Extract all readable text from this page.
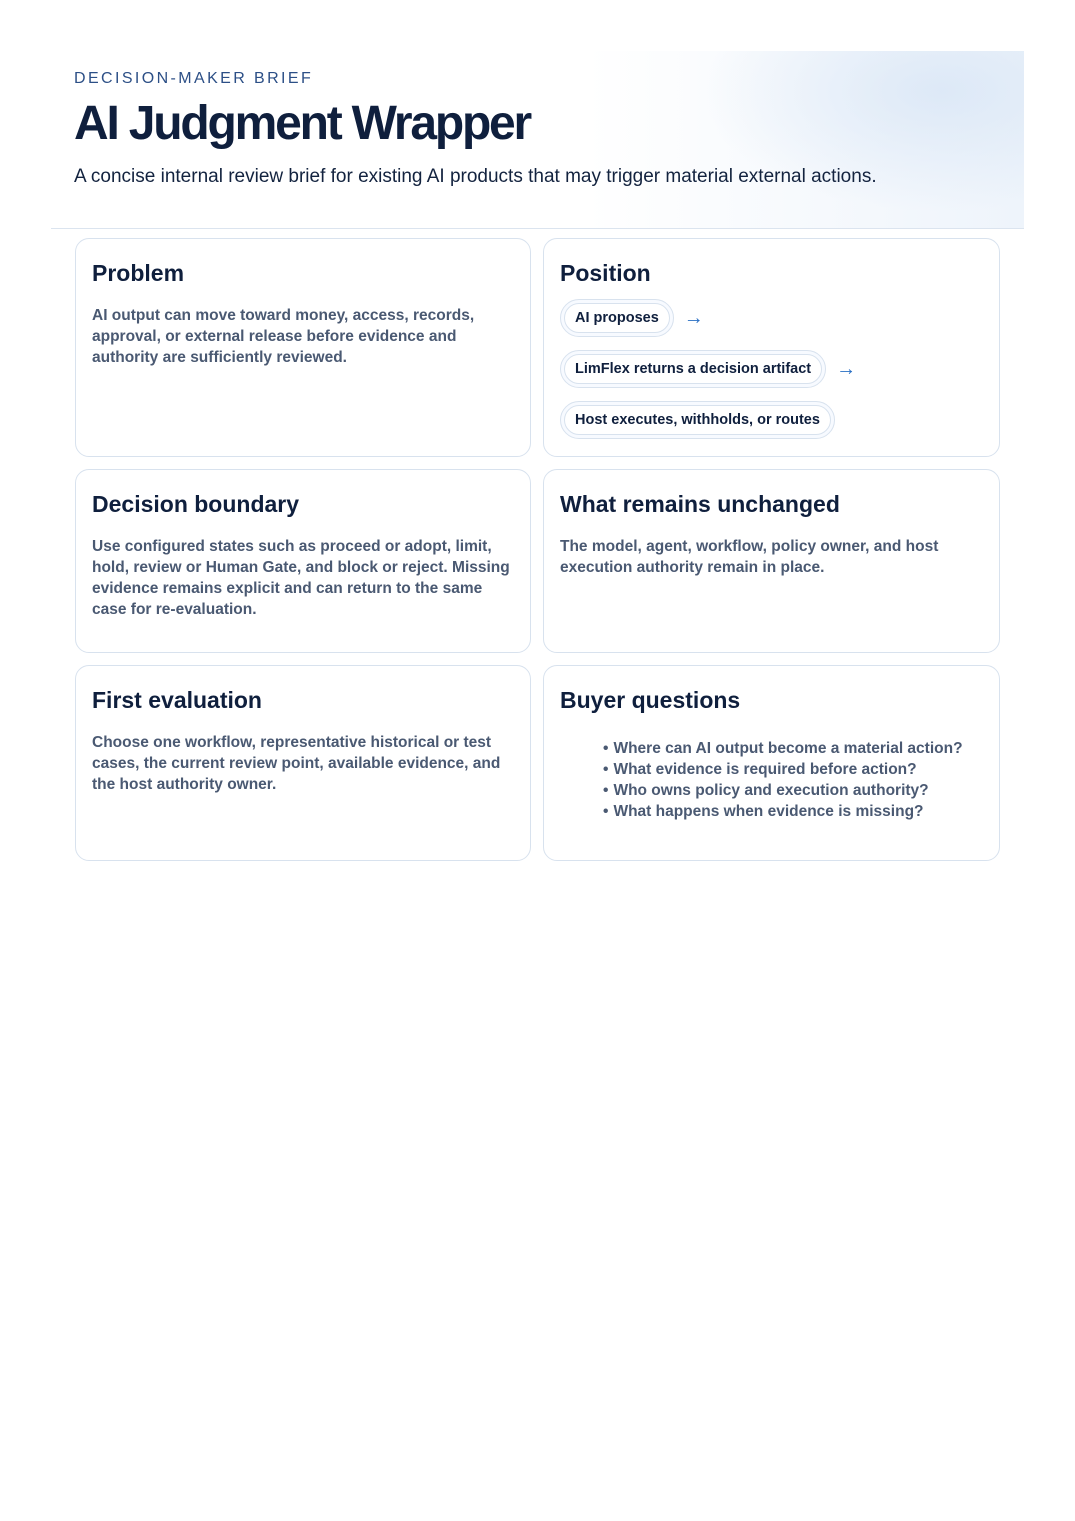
DECISION-MAKER BRIEF
AI Judgment Wrapper

A concise internal review brief for existing AI products that may trigger material external actions.

Problem

AI output can move toward money, access, records, approval, or external release before evidence and authority are sufficiently reviewed.

Position
AI proposes	→
LimFlex returns a decision artifact	→
Host executes, withholds, or routes
Decision boundary

Use configured states such as proceed or adopt, limit, hold, review or Human Gate, and block or reject. Missing evidence remains explicit and can return to the same case for re-evaluation.

What remains unchanged

The model, agent, workflow, policy owner, and host execution authority remain in place.

First evaluation

Choose one workflow, representative historical or test cases, the current review point, available evidence, and the host authority owner.

Buyer questions
• Where can AI output become a material action?
• What evidence is required before action?
• Who owns policy and execution authority?
• What happens when evidence is missing?
